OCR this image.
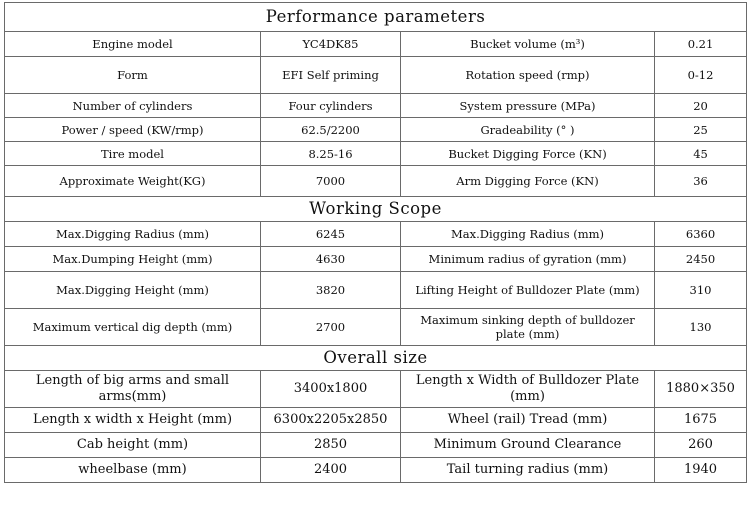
Performance parameters			
Engine model	YC4DK85	Bucket volume (m³)	0.21
Form	EFI Self priming	Rotation speed (rmp)	0-12
Number of cylinders	Four cylinders	System pressure (MPa)	20
Power / speed (KW/rmp)	62.5/2200	Gradeability (° )	25
Tire model	8.25-16	Bucket Digging Force (KN)	45
Approximate Weight(KG)	7000	Arm Digging Force (KN)	36
Working Scope			
Max.Digging Radius (mm)	6245	Max.Digging Radius (mm)	6360
Max.Dumping Height (mm)	4630	Minimum radius of gyration (mm)	2450
Max.Digging Height (mm)	3820	Lifting Height of Bulldozer Plate (mm)	310
Maximum vertical dig depth (mm)	2700	Maximum sinking depth of bulldozer plate (mm)	130
Overall size			
Length of big arms and small arms(mm)	3400x1800	Length x Width of Bulldozer Plate (mm)	1880×350
Length x width x Height (mm)	6300x2205x2850	Wheel (rail) Tread (mm)	1675
Cab height (mm)	2850	Minimum Ground Clearance	260
wheelbase (mm)	2400	Tail turning radius (mm)	1940
